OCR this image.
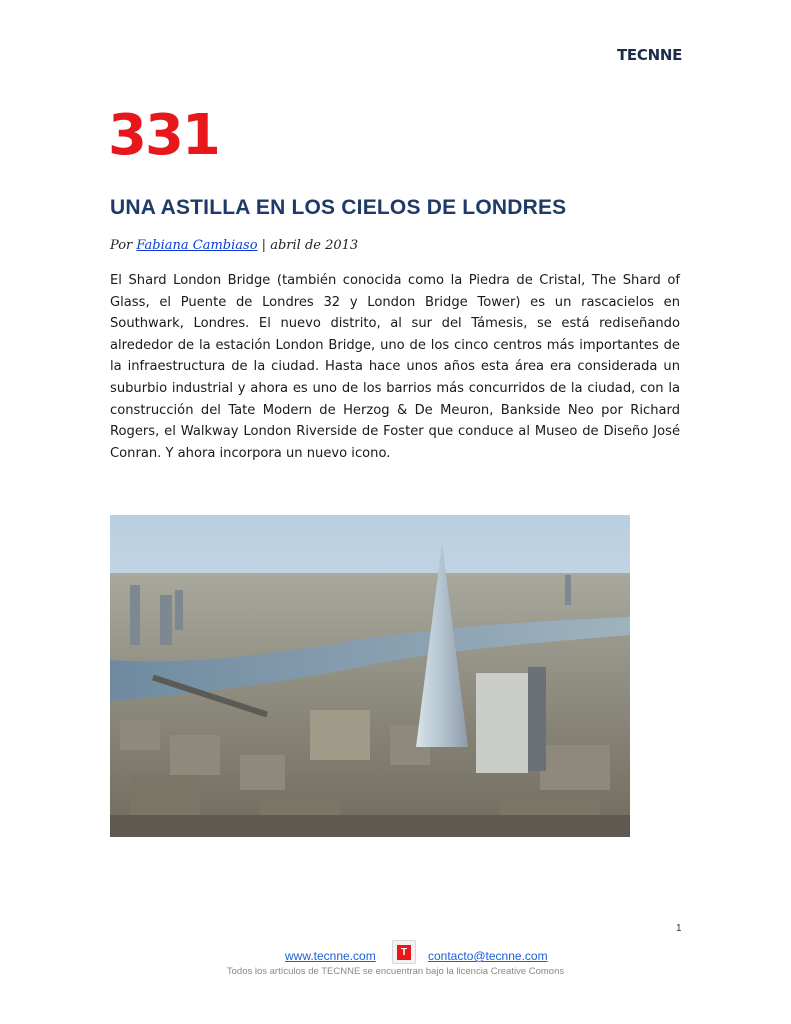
TECNNE
331
UNA ASTILLA EN LOS CIELOS DE LONDRES
Por Fabiana Cambiaso | abril de 2013

El Shard London Bridge (también conocida como la Piedra de Cristal, The Shard of Glass, el Puente de Londres 32 y London Bridge Tower) es un rascacielos en Southwark, Londres. El nuevo distrito, al sur del Támesis, se está rediseñando alrededor de la estación London Bridge, uno de los cinco centros más importantes de la infraestructura de la ciudad. Hasta hace unos años esta área era considerada un suburbio industrial y ahora es uno de los barrios más concurridos de la ciudad, con la construcción del Tate Modern de Herzog & De Meuron, Bankside Neo por Richard Rogers, el Walkway London Riverside de Foster que conduce al Museo de Diseño José Conran. Y ahora incorpora un nuevo icono.

1
www.tecnne.com	T	contacto@tecnne.com
Todos los artículos de TECNNE se encuentran bajo la licencia Creative Comons
